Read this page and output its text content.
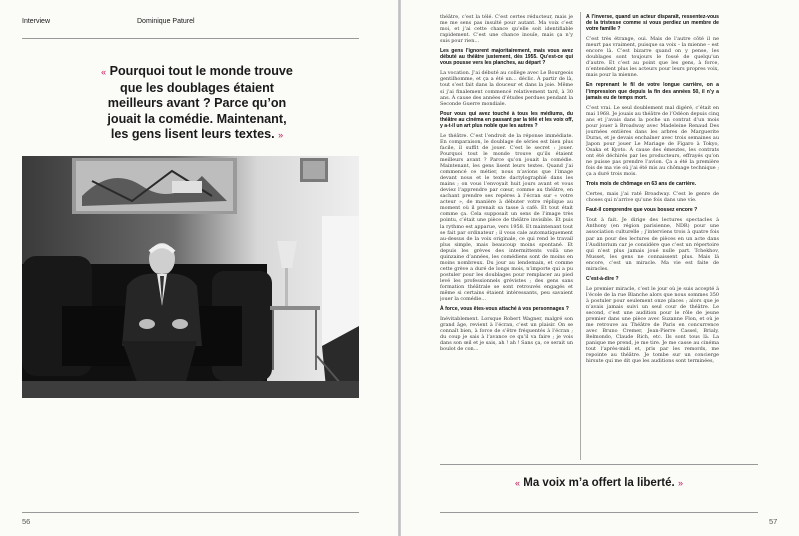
Interview	Dominique Paturel
« Pourquoi tout le monde trouve
que les doublages étaient
meilleurs avant ? Parce qu’on
jouait la comédie. Maintenant,
les gens lisent leurs textes. »
56

théâtre, c’est la télé. C’est certes réducteur, mais je me me sens pas insulté pour autant. Ma voix c’est moi, et j’ai cette chance qu’elle soit identifiable rapidement. C’est une chance inouïe, mais ça n’y suis pour rien…

Les gens l’ignorent majoritairement, mais vous avez débuté au théâtre justement, dès 1955. Qu’est-ce qui vous pousse vers les planches, au départ ?

La vocation. J’ai débuté au collège avec Le Bourgeois gentilhomme, et ça a été un… déclic. À partir de là, tout s’est fait dans la douceur et dans la joie. Même si j’ai finalement commencé relativement tard, à 30 ans. À cause des années d’études perdues pendant la Seconde Guerre mondiale.

Pour vous qui avez touché à tous les médiums, du théâtre au cinéma en passant par la télé et les voix off, y a-t-il un art plus noble que les autres ?

Le théâtre. C’est l’endroit de la réponse immédiate. En comparaison, le doublage de séries est bien plus facile, il suffit de jouer. C’est le secret : jouer. Pourquoi tout le monde trouve qu’ils étaient meilleurs avant ? Parce qu’on jouait la comédie. Maintenant, les gens lisent leurs textes. Quand j’ai commencé ce métier, nous n’avions que l’image devant nous et le texte dactylographié dans les mains ; on vous l’envoyait huit jours avant et vous deviez l’apprendre par cœur, comme au théâtre, en sachant prendre ses repères à l’écran sur « votre acteur », de manière à débuter votre réplique au moment où il prenait sa tasse à café. Et tout était comme ça. Cela supposait un sens de l’image très pointu, c’était une pièce de théâtre invisible. Et puis la rythmo est apparue, vers 1958. Et maintenant tout se fait par ordinateur ; il vous cale automatiquement au-dessus de la voix originale, ce qui rend le travail plus simple, mais beaucoup moins spontané. Et depuis les grèves des intermittents voilà une quinzaine d’années, les comédiens sont de moins en moins nombreux. Du jour au lendemain, et comme cette grève a duré de longs mois, n’importe qui a pu postuler pour les doublages pour remplacer au pied levé les professionnels grévistes ; des gens sans formation théâtrale se sont retrouvés engagés et même si certains étaient intéressants, peu savaient jouer la comédie…

À force, vous êtes-vous attaché à vos personnages ?

Inévitablement. Lorsque Robert Wagner, malgré son grand âge, revient à l’écran, c’est un plaisir. On se connaît bien, à force de s’être fréquentés à l’écran ; du coup je sais à l’avance ce qu’il va faire ; je vois dans son œil et je sais, ah ! ah ! Sans ça, ce serait un boulot de con…

À l’inverse, quand un acteur disparaît, ressentez-vous de la tristesse comme si vous perdiez un membre de votre famille ?

C’est très étrange, oui. Mais de l’autre côté il ne meurt pas vraiment, puisque sa voix – la mienne – est encore là. C’est bizarre quand on y pense, les doublages sont toujours le fossé de quelqu’un d’autre. Et c’est au point que les gens, à force, n’entendent plus les acteurs pour leurs propres voix, mais pour la mienne.

En reprenant le fil de votre longue carrière, on a l’impression que depuis la fin des années 50, il n’y a jamais eu de temps mort.

C’est vrai. Le seul doublement mal digéré, c’était en mai 1968. Je jouais au théâtre de l’Odéon depuis cinq ans et j’avais dans la poche un contrat d’un mois pour jouer à Broadway avec Madeleine Renaud Des journées entières dans les arbres de Marguerite Duras, et je devais enchaîner avec trois semaines au Japon pour jouer Le Mariage de Figaro à Tokyo, Osaka et Kyoto. À cause des émeutes, les contrats ont été déchirés par les producteurs, effrayés qu’on ne puisse pas prendre l’avion. Ça a été la première fois de ma vie où j’ai été mis au chômage technique ; ça a duré trois mois.

Trois mois de chômage en 63 ans de carrière.

Certes, mais j’ai raté Broadway. C’est le genre de choses qui n’arrive qu’une fois dans une vie.

Faut-il comprendre que vous bossez encore ?

Tout à fait. Je dirige des lectures spectacles à Anthony (en région parisienne, NDR) pour une association culturelle ; j’interviens trois à quatre fois par an pour des lectures de pièces en un acte dans l’Auditorium car je considère que c’est un répertoire qui n’est plus jamais joué nulle part. Tchekhov, Musset, les gens ne connaissent plus. Mais là encore, c’est un miracle. Ma vie est faite de miracles.

C’est-à-dire ?

Le premier miracle, c’est le jour où je suis accepté à l’école de la rue Blanche alors que nous sommes 350 à postuler pour seulement onze places ; alors que je n’avais jamais suivi un seul cour de théâtre. Le second, c’est une audition pour le rôle de jeune premier dans une pièce avec Suzanne Flon, et où je me retrouve au Théâtre de Paris en concurrence avec Bruno Cremer, Jean-Pierre Cassel, Brialy, Belmondo, Claude Rich, etc. Ils sont tous là. La panique me prend, je me tire. Je me casse au cinéma tout l’après-midi et, pris par les remords, me repointe au théâtre. Je tombe sur un concierge hirsute qui me dit que les auditions sont terminées,

« Ma voix m’a offert la liberté. »
57
